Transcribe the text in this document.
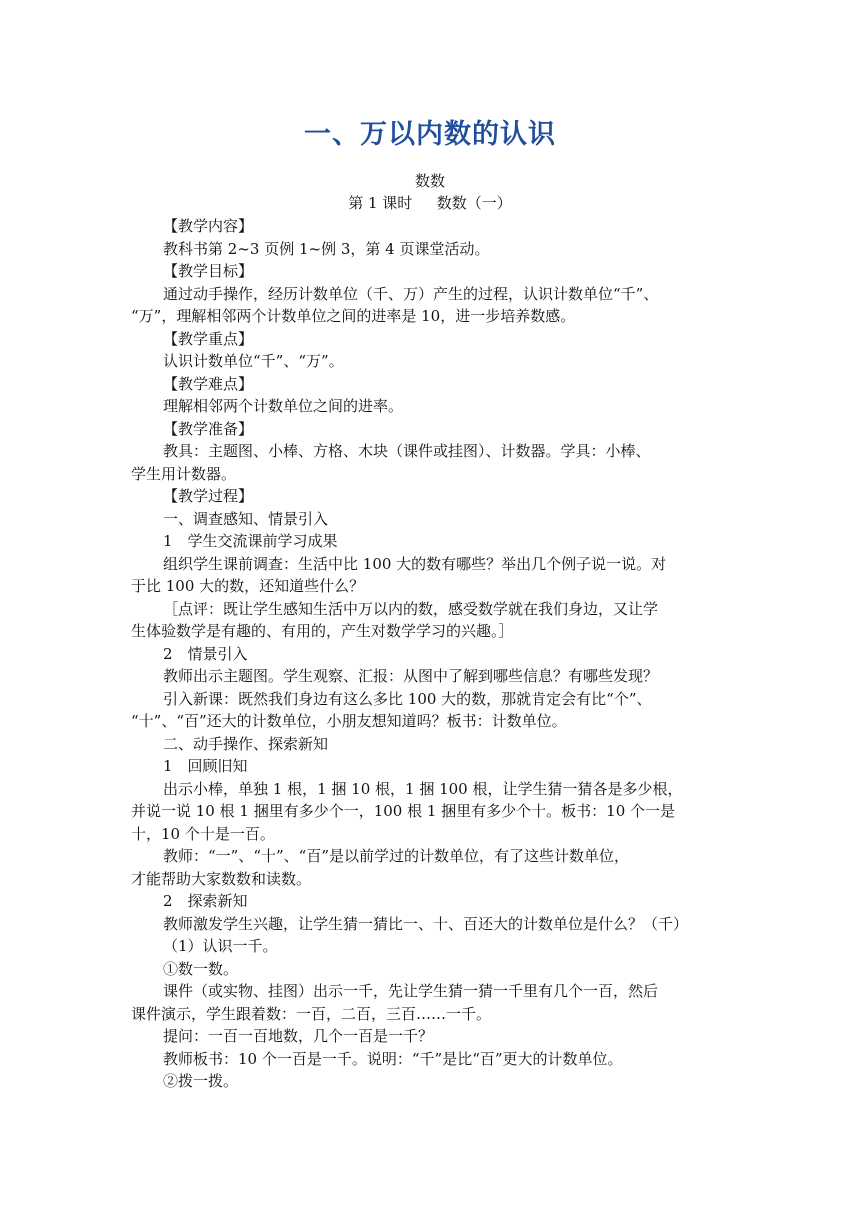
一、万以内数的认识
数数
第 1 课时　  数数（一）
【教学内容】
教科书第 2~3 页例 1~例 3，第 4 页课堂活动。
【教学目标】
通过动手操作，经历计数单位（千、万）产生的过程，认识计数单位“千”、
“万”，理解相邻两个计数单位之间的进率是 10，进一步培养数感。
【教学重点】
认识计数单位“千”、“万”。
【教学难点】
理解相邻两个计数单位之间的进率。
【教学准备】
教具：主题图、小棒、方格、木块（课件或挂图）、计数器。学具：小棒、
学生用计数器。
【教学过程】
一、调查感知、情景引入
1　学生交流课前学习成果
组织学生课前调查：生活中比 100 大的数有哪些？举出几个例子说一说。对
于比 100 大的数，还知道些什么？
［点评：既让学生感知生活中万以内的数，感受数学就在我们身边，又让学
生体验数学是有趣的、有用的，产生对数学学习的兴趣。］
2　情景引入
教师出示主题图。学生观察、汇报：从图中了解到哪些信息？有哪些发现？
引入新课：既然我们身边有这么多比 100 大的数，那就肯定会有比“个”、
“十”、“百”还大的计数单位，小朋友想知道吗？板书：计数单位。
二、动手操作、探索新知
1　回顾旧知
出示小棒，单独 1 根，1 捆 10 根，1 捆 100 根，让学生猜一猜各是多少根，
并说一说 10 根 1 捆里有多少个一，100 根 1 捆里有多少个十。板书：10 个一是
十，10 个十是一百。
教师：“一”、“十”、“百”是以前学过的计数单位，有了这些计数单位，
才能帮助大家数数和读数。
2　探索新知
教师激发学生兴趣，让学生猜一猜比一、十、百还大的计数单位是什么？（千）
（1）认识一千。
①数一数。
课件（或实物、挂图）出示一千，先让学生猜一猜一千里有几个一百，然后
课件演示，学生跟着数：一百，二百，三百……一千。
提问：一百一百地数，几个一百是一千？
教师板书：10 个一百是一千。说明：“千”是比“百”更大的计数单位。
②拨一拨。
